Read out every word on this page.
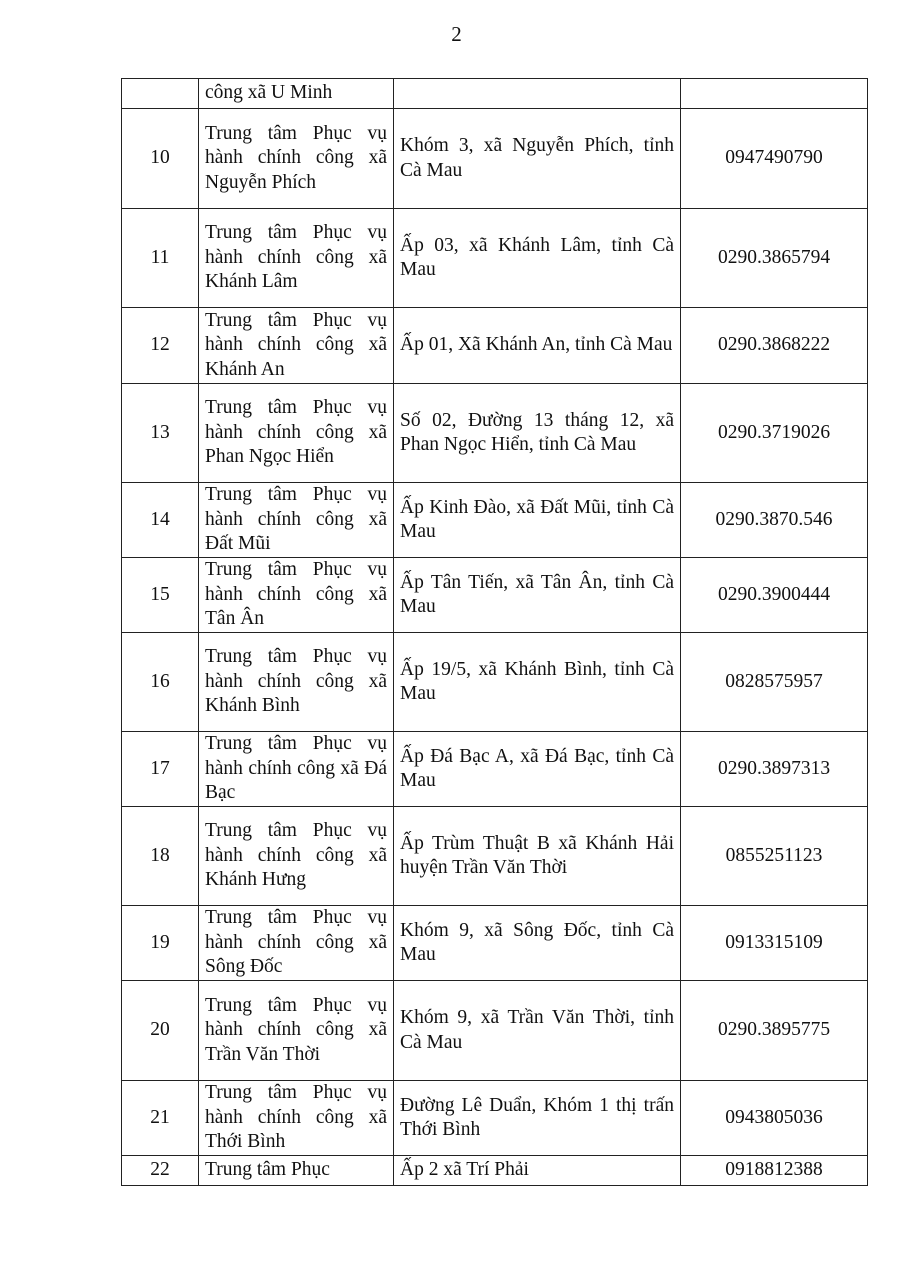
2
	công xã U Minh		
10	Trung tâm Phục vụ hành chính công xã Nguyễn Phích	Khóm 3, xã Nguyễn Phích, tỉnh Cà Mau	0947490790
11	Trung tâm Phục vụ hành chính công xã Khánh Lâm	Ấp 03, xã Khánh Lâm, tỉnh Cà Mau	0290.3865794
12	Trung tâm Phục vụ hành chính công xã Khánh An	Ấp 01, Xã Khánh An, tỉnh Cà Mau	0290.3868222
13	Trung tâm Phục vụ hành chính công xã Phan Ngọc Hiển	Số 02, Đường 13 tháng 12, xã Phan Ngọc Hiển, tỉnh Cà Mau	0290.3719026
14	Trung tâm Phục vụ hành chính công xã Đất Mũi	Ấp Kinh Đào, xã Đất Mũi, tỉnh Cà Mau	0290.3870.546
15	Trung tâm Phục vụ hành chính công xã Tân Ân	Ấp Tân Tiến, xã Tân Ân, tỉnh Cà Mau	0290.3900444
16	Trung tâm Phục vụ hành chính công xã Khánh Bình	Ấp 19/5, xã Khánh Bình, tỉnh Cà Mau	0828575957
17	Trung tâm Phục vụ hành chính công xã Đá Bạc	Ấp Đá Bạc A, xã Đá Bạc, tỉnh Cà Mau	0290.3897313
18	Trung tâm Phục vụ hành chính công xã Khánh Hưng	Ấp Trùm Thuật B xã Khánh Hải huyện Trần Văn Thời	0855251123
19	Trung tâm Phục vụ hành chính công xã Sông Đốc	Khóm 9, xã Sông Đốc, tỉnh Cà Mau	0913315109
20	Trung tâm Phục vụ hành chính công xã Trần Văn Thời	Khóm 9, xã Trần Văn Thời, tỉnh Cà Mau	0290.3895775
21	Trung tâm Phục vụ hành chính công xã Thới Bình	Đường Lê Duẩn, Khóm 1 thị trấn Thới Bình	0943805036
22	Trung tâm Phục	Ấp 2 xã Trí Phải	0918812388
